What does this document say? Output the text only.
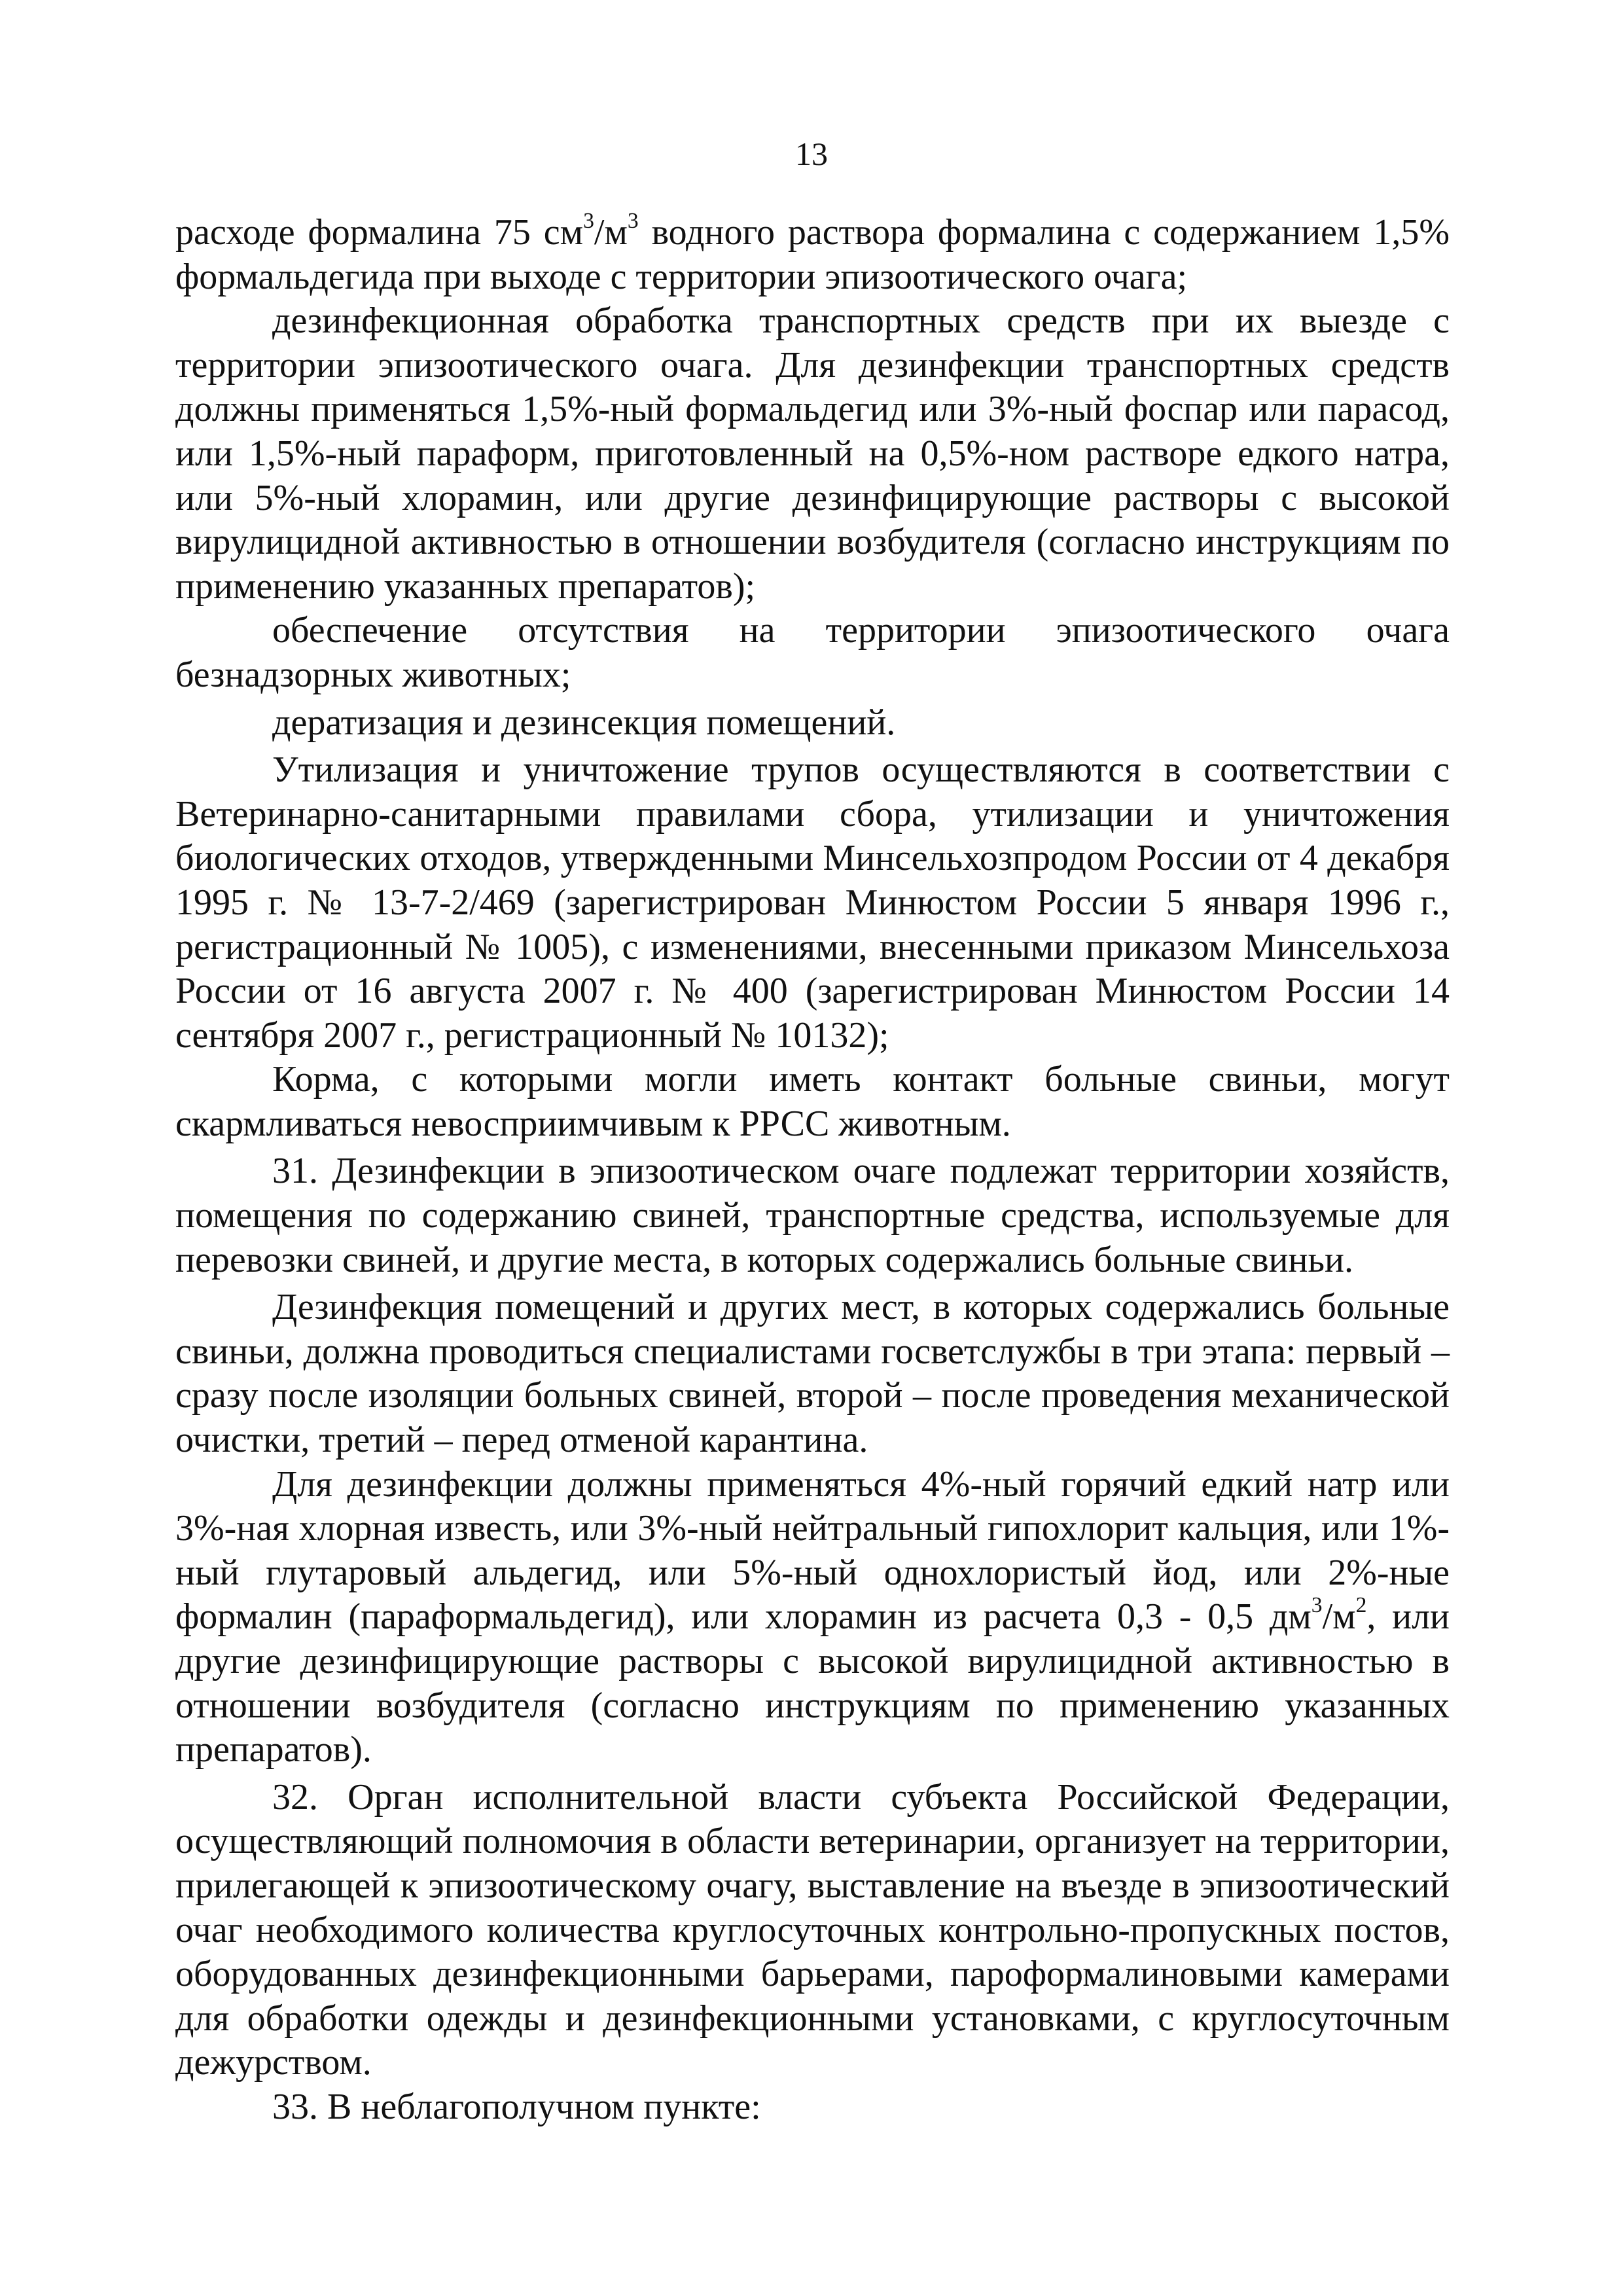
13

расходе формалина 75 $см^3/м^3$ водного раствора формалина с содержанием 1,5% формальдегида при выходе с территории эпизоотического очага;

дезинфекционная обработка транспортных средств при их выезде с территории эпизоотического очага. Для дезинфекции транспортных средств должны применяться 1,5%-ный формальдегид или 3%-ный фоспар или парасод, или 1,5%-ный параформ, приготовленный на 0,5%-ном растворе едкого натра, или 5%-ный хлорамин, или другие дезинфицирующие растворы с высокой вирулицидной активностью в отношении возбудителя (согласно инструкциям по применению указанных препаратов);

обеспечение отсутствия на территории эпизоотического очага безнадзорных животных;

дератизация и дезинсекция помещений.

Утилизация и уничтожение трупов осуществляются в соответствии с Ветеринарно-санитарными правилами сбора, утилизации и уничтожения биологических отходов, утвержденными Минсельхозпродом России от 4 декабря 1995 г. № 13-7-2/469 (зарегистрирован Минюстом России 5 января 1996 г., регистрационный № 1005), с изменениями, внесенными приказом Минсельхоза России от 16 августа 2007 г. № 400 (зарегистрирован Минюстом России 14 сентября 2007 г., регистрационный № 10132);

Корма, с которыми могли иметь контакт больные свиньи, могут скармливаться невосприимчивым к РРСС животным.

31. Дезинфекции в эпизоотическом очаге подлежат территории хозяйств, помещения по содержанию свиней, транспортные средства, используемые для перевозки свиней, и другие места, в которых содержались больные свиньи.

Дезинфекция помещений и других мест, в которых содержались больные свиньи, должна проводиться специалистами госветслужбы в три этапа: первый – сразу после изоляции больных свиней, второй – после проведения механической очистки, третий – перед отменой карантина.

Для дезинфекции должны применяться 4%-ный горячий едкий натр или 3%-ная хлорная известь, или 3%-ный нейтральный гипохлорит кальция, или 1%-ный глутаровый альдегид, или 5%-ный однохлористый йод, или 2%-ные формалин (параформальдегид), или хлорамин из расчета 0,3 - 0,5 $дм^3/м^2$, или другие дезинфицирующие растворы с высокой вирулицидной активностью в отношении возбудителя (согласно инструкциям по применению указанных препаратов).

32. Орган исполнительной власти субъекта Российской Федерации, осуществляющий полномочия в области ветеринарии, организует на территории, прилегающей к эпизоотическому очагу, выставление на въезде в эпизоотический очаг необходимого количества круглосуточных контрольно-пропускных постов, оборудованных дезинфекционными барьерами, пароформалиновыми камерами для обработки одежды и дезинфекционными установками, с круглосуточным дежурством.

33. В неблагополучном пункте:
